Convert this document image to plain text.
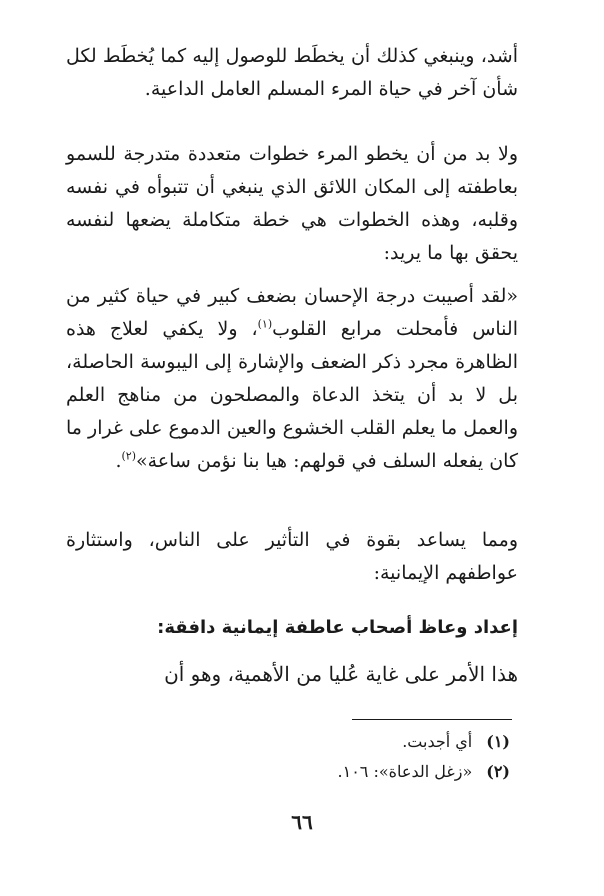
أشد، وينبغي كذلك أن يخطَط للوصول إليه كما يُخطَط لكل شأن آخر في حياة المرء المسلم العامل الداعية.
ولا بد من أن يخطو المرء خطوات متعددة متدرجة للسمو بعاطفته إلى المكان اللائق الذي ينبغي أن تتبوأه في نفسه وقلبه، وهذه الخطوات هي خطة متكاملة يضعها لنفسه يحقق بها ما يريد:
«لقد أصيبت درجة الإحسان بضعف كبير في حياة كثير من الناس فأمحلت مرابع القلوب$^{(١)}$، ولا يكفي لعلاج هذه الظاهرة مجرد ذكر الضعف والإشارة إلى اليبوسة الحاصلة، بل لا بد أن يتخذ الدعاة والمصلحون من مناهج العلم والعمل ما يعلم القلب الخشوع والعين الدموع على غرار ما كان يفعله السلف في قولهم: هيا بنا نؤمن ساعة»$^{(٢)}$.
ومما يساعد بقوة في التأثير على الناس، واستثارة عواطفهم الإيمانية:
إعداد وعاظ أصحاب عاطفة إيمانية دافقة:
هذا الأمر على غاية عُليا من الأهمية، وهو أن
(١)أي أجدبت.
(٢)«زغل الدعاة»: ١٠٦.
٦٦
